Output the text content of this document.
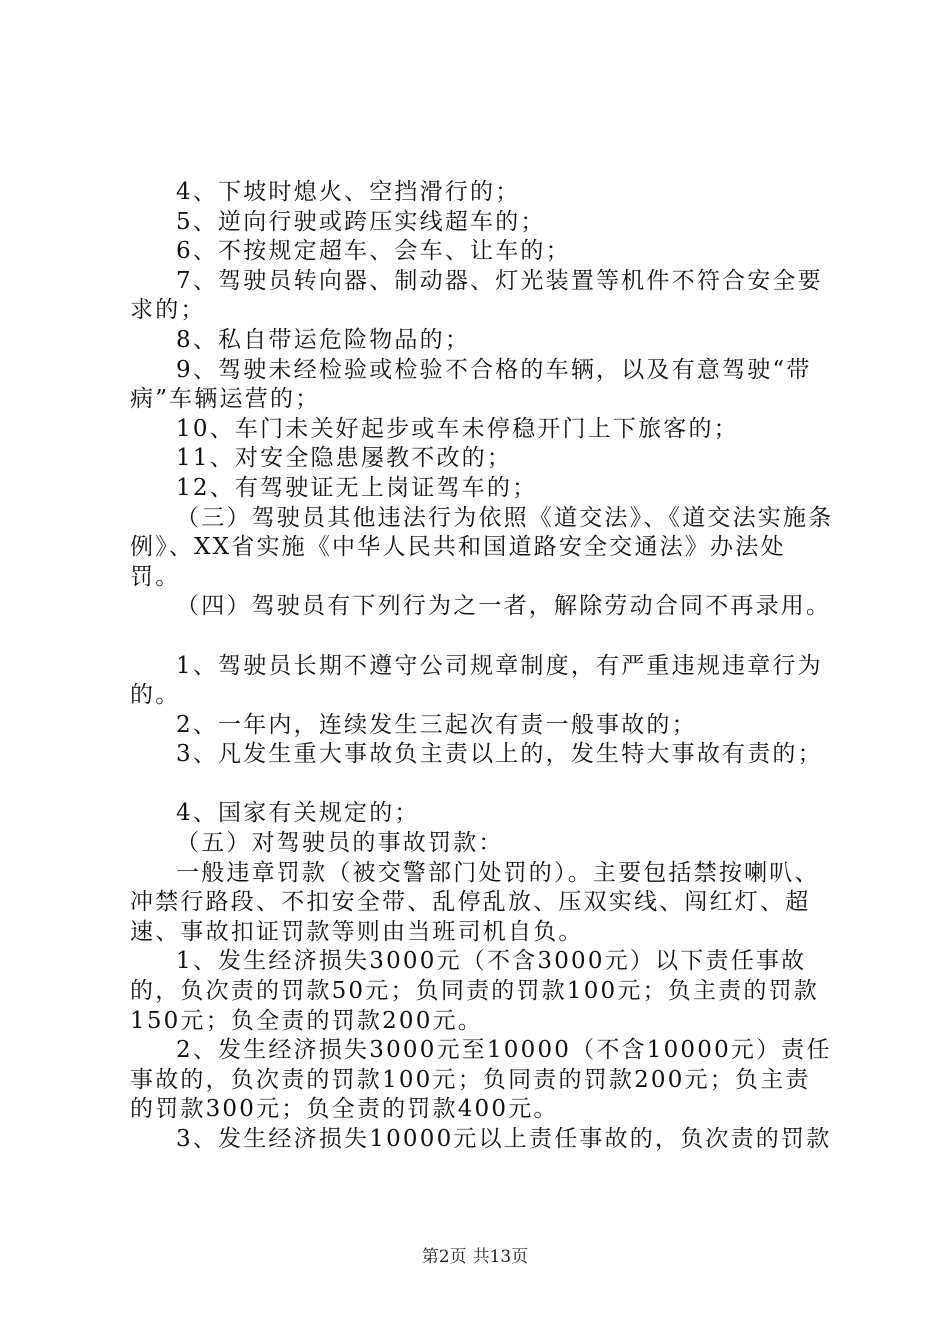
4、下坡时熄火、空挡滑行的；

5、逆向行驶或跨压实线超车的；

6、不按规定超车、会车、让车的；

7、驾驶员转向器、制动器、灯光装置等机件不符合安全要求的；

8、私自带运危险物品的；

9、驾驶未经检验或检验不合格的车辆，以及有意驾驶“带病”车辆运营的；

10、车门未关好起步或车未停稳开门上下旅客的；

11、对安全隐患屡教不改的；

12、有驾驶证无上岗证驾车的；

（三）驾驶员其他违法行为依照《道交法》、《道交法实施条例》、XX省实施《中华人民共和国道路安全交通法》办法处罚。

（四）驾驶员有下列行为之一者，解除劳动合同不再录用。

1、驾驶员长期不遵守公司规章制度，有严重违规违章行为的。

2、一年内，连续发生三起次有责一般事故的；

3、凡发生重大事故负主责以上的，发生特大事故有责的；

4、国家有关规定的；

（五）对驾驶员的事故罚款：

一般违章罚款（被交警部门处罚的）。主要包括禁按喇叭、冲禁行路段、不扣安全带、乱停乱放、压双实线、闯红灯、超速、事故扣证罚款等则由当班司机自负。

1、发生经济损失3000元（不含3000元）以下责任事故的，负次责的罚款50元；负同责的罚款100元；负主责的罚款150元；负全责的罚款200元。

2、发生经济损失3000元至10000（不含10000元）责任事故的，负次责的罚款100元；负同责的罚款200元；负主责的罚款300元；负全责的罚款400元。

3、发生经济损失10000元以上责任事故的，负次责的罚款

第2页 共13页
